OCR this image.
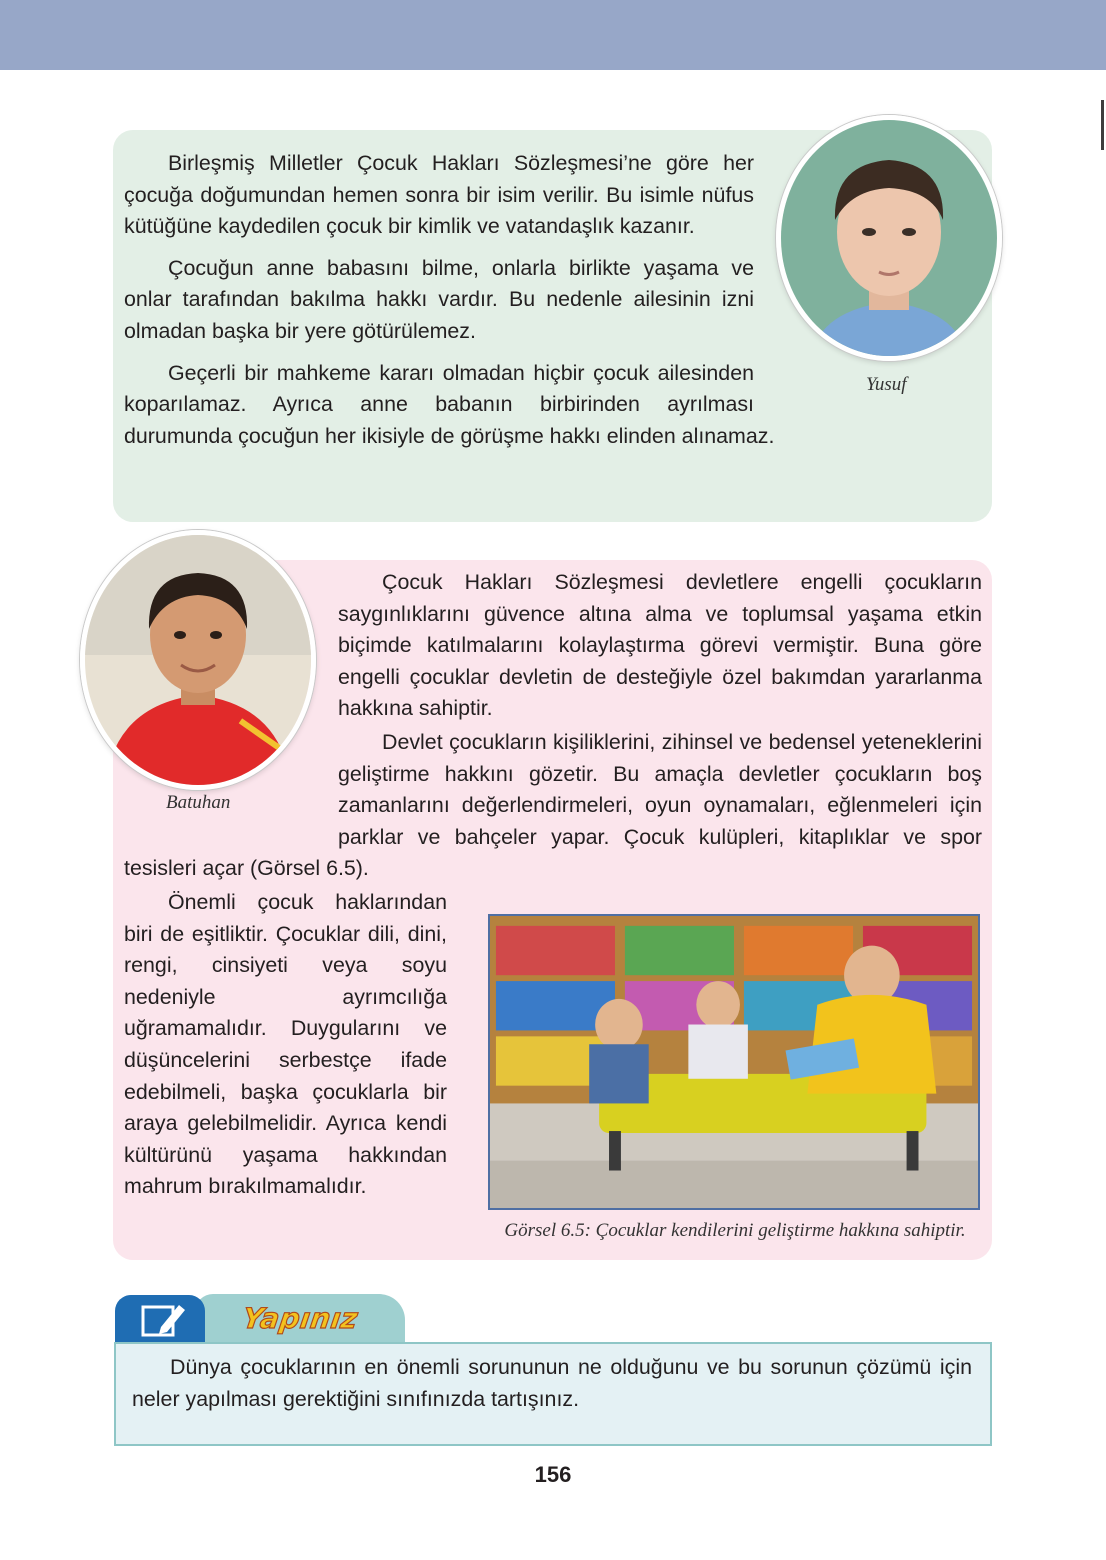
Birleşmiş Milletler Çocuk Hakları Sözleşmesi’ne göre her çocuğa doğumundan hemen sonra bir isim verilir. Bu isimle nüfus kütüğüne kaydedilen çocuk bir kimlik ve vatandaşlık kazanır.

Çocuğun anne babasını bilme, onlarla birlikte yaşama ve onlar tarafından bakılma hakkı vardır. Bu nedenle ailesinin izni olmadan başka bir yere götürülemez.

Geçerli bir mahkeme kararı olmadan hiçbir çocuk ailesinden koparılamaz. Ayrıca anne babanın birbirinden ayrılması durumunda çocuğun her ikisiyle de görüşme hakkı elinden alınamaz.

Yusuf

Çocuk Hakları Sözleşmesi devletlere engelli çocukların saygınlıklarını güvence altına alma ve toplumsal yaşama etkin biçimde katılmalarını kolaylaştırma görevi vermiştir. Buna göre engelli çocuklar devletin de desteğiyle özel bakımdan yararlanma hakkına sahiptir.

Devlet çocukların kişiliklerini, zihinsel ve bedensel yeteneklerini geliştirme hakkını gözetir. Bu amaçla devletler çocukların boş zamanlarını değerlendirmeleri, oyun oynamaları, eğlenmeleri için parklar ve bahçeler yapar. Çocuk kulüpleri, kitaplıklar ve spor tesisleri açar (Görsel 6.5).

Önemli çocuk haklarından biri de eşitliktir. Çocuklar dili, dini, rengi, cinsiyeti veya soyu nedeniyle ayrımcılığa uğramamalıdır. Duygularını ve düşüncelerini serbestçe ifade edebilmeli, başka çocuklarla bir araya gelebilmelidir. Ayrıca kendi kültürünü yaşama hakkından mahrum bırakılmamalıdır.

Batuhan
Görsel 6.5: Çocuklar kendilerini geliştirme hakkına sahiptir.
Yapınız

Dünya çocuklarının en önemli sorununun ne olduğunu ve bu sorunun çözümü için neler yapılması gerektiğini sınıfınızda tartışınız.

156
